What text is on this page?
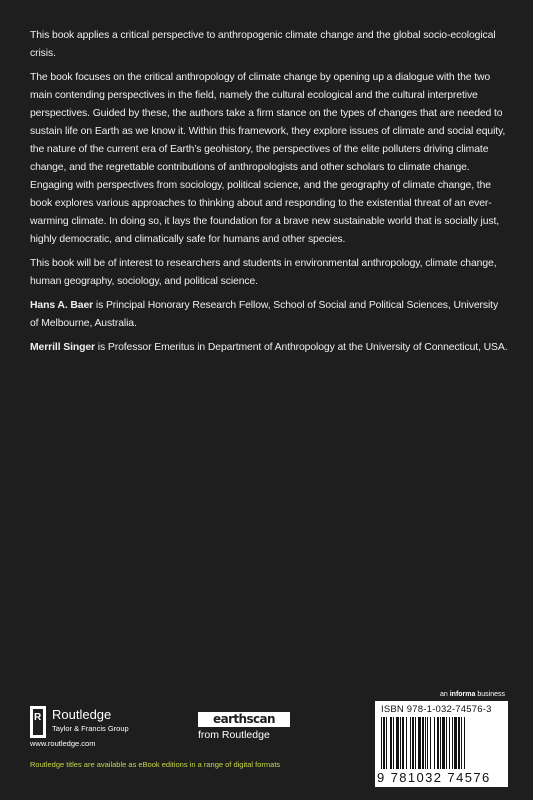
This book applies a critical perspective to anthropogenic climate change and the global socio-ecological crisis.

The book focuses on the critical anthropology of climate change by opening up a dialogue with the two main contending perspectives in the field, namely the cultural ecological and the cultural interpretive perspectives. Guided by these, the authors take a firm stance on the types of changes that are needed to sustain life on Earth as we know it. Within this framework, they explore issues of climate and social equity, the nature of the current era of Earth’s geohistory, the perspectives of the elite polluters driving climate change, and the regrettable contributions of anthropologists and other scholars to climate change. Engaging with perspectives from sociology, political science, and the geography of climate change, the book explores various approaches to thinking about and responding to the existential threat of an ever-warming climate. In doing so, it lays the foundation for a brave new sustainable world that is socially just, highly democratic, and climatically safe for humans and other species.

This book will be of interest to researchers and students in environmental anthropology, climate change, human geography, sociology, and political science.

Hans A. Baer is Principal Honorary Research Fellow, School of Social and Political Sciences, University of Melbourne, Australia.

Merrill Singer is Professor Emeritus in Department of Anthropology at the University of Connecticut, USA.

R Routledge
Taylor & Francis Group
www.routledge.com
earthscan
from Routledge
Routledge titles are available as eBook editions in a range of digital formats
an informa business
ISBN 978-1-032-74576-3
9 781032 74576
